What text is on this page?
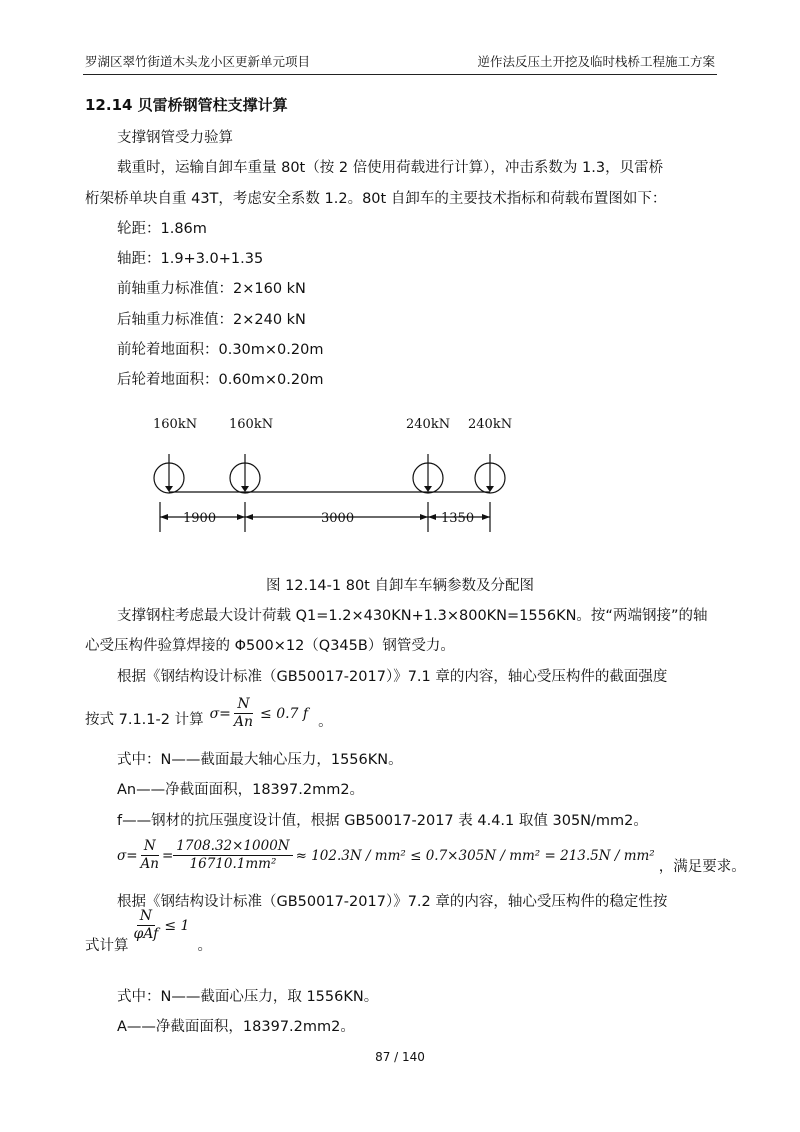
罗湖区翠竹街道木头龙小区更新单元项目	逆作法反压土开挖及临时栈桥工程施工方案
12.14 贝雷桥钢管柱支撑计算
支撑钢管受力验算
载重时，运输自卸车重量 80t（按 2 倍使用荷载进行计算），冲击系数为 1.3，贝雷桥
桁架桥单块自重 43T，考虑安全系数 1.2。80t 自卸车的主要技术指标和荷载布置图如下：
轮距：1.86m
轴距：1.9+3.0+1.35
前轴重力标准值：2×160 kN
后轴重力标准值：2×240 kN
前轮着地面积：0.30m×0.20m
后轮着地面积：0.60m×0.20m
160kN 160kN	240kN 240kN
1900	3000	1350
图 12.14-1 80t 自卸车车辆参数及分配图
支撑钢柱考虑最大设计荷载 Q1=1.2×430KN+1.3×800KN=1556KN。按“两端钢接”的轴
心受压构件验算焊接的 Φ500×12（Q345B）钢管受力。
根据《钢结构设计标准（GB50017-2017）》7.1 章的内容，轴心受压构件的截面强度
按式 7.1.1-2 计算 $\sigma= \frac{N}{An} \le 0.7$ f
。
式中：N——截面最大轴心压力，1556KN。
An——净截面面积，18397.2mm2。
f——钢材的抗压强度设计值，根据 GB50017-2017 表 4.4.1 取值 305N/mm2。
$\sigma= \frac{N}{An} = \frac{1708.32\times 1000N}{\text{16710.1mm²}} \approx 102.3N / mm^2 \le 0.7\times 305N / mm^2 = 213.5N / mm^2$
，满足要求。
根据《钢结构设计标准（GB50017-2017）》7.2 章的内容，轴心受压构件的稳定性按
式计算
$\frac{N}{\text{φAf}} \le 1$
。
式中：N——截面心压力，取 1556KN。
A——净截面面积，18397.2mm2。
87 / 140
